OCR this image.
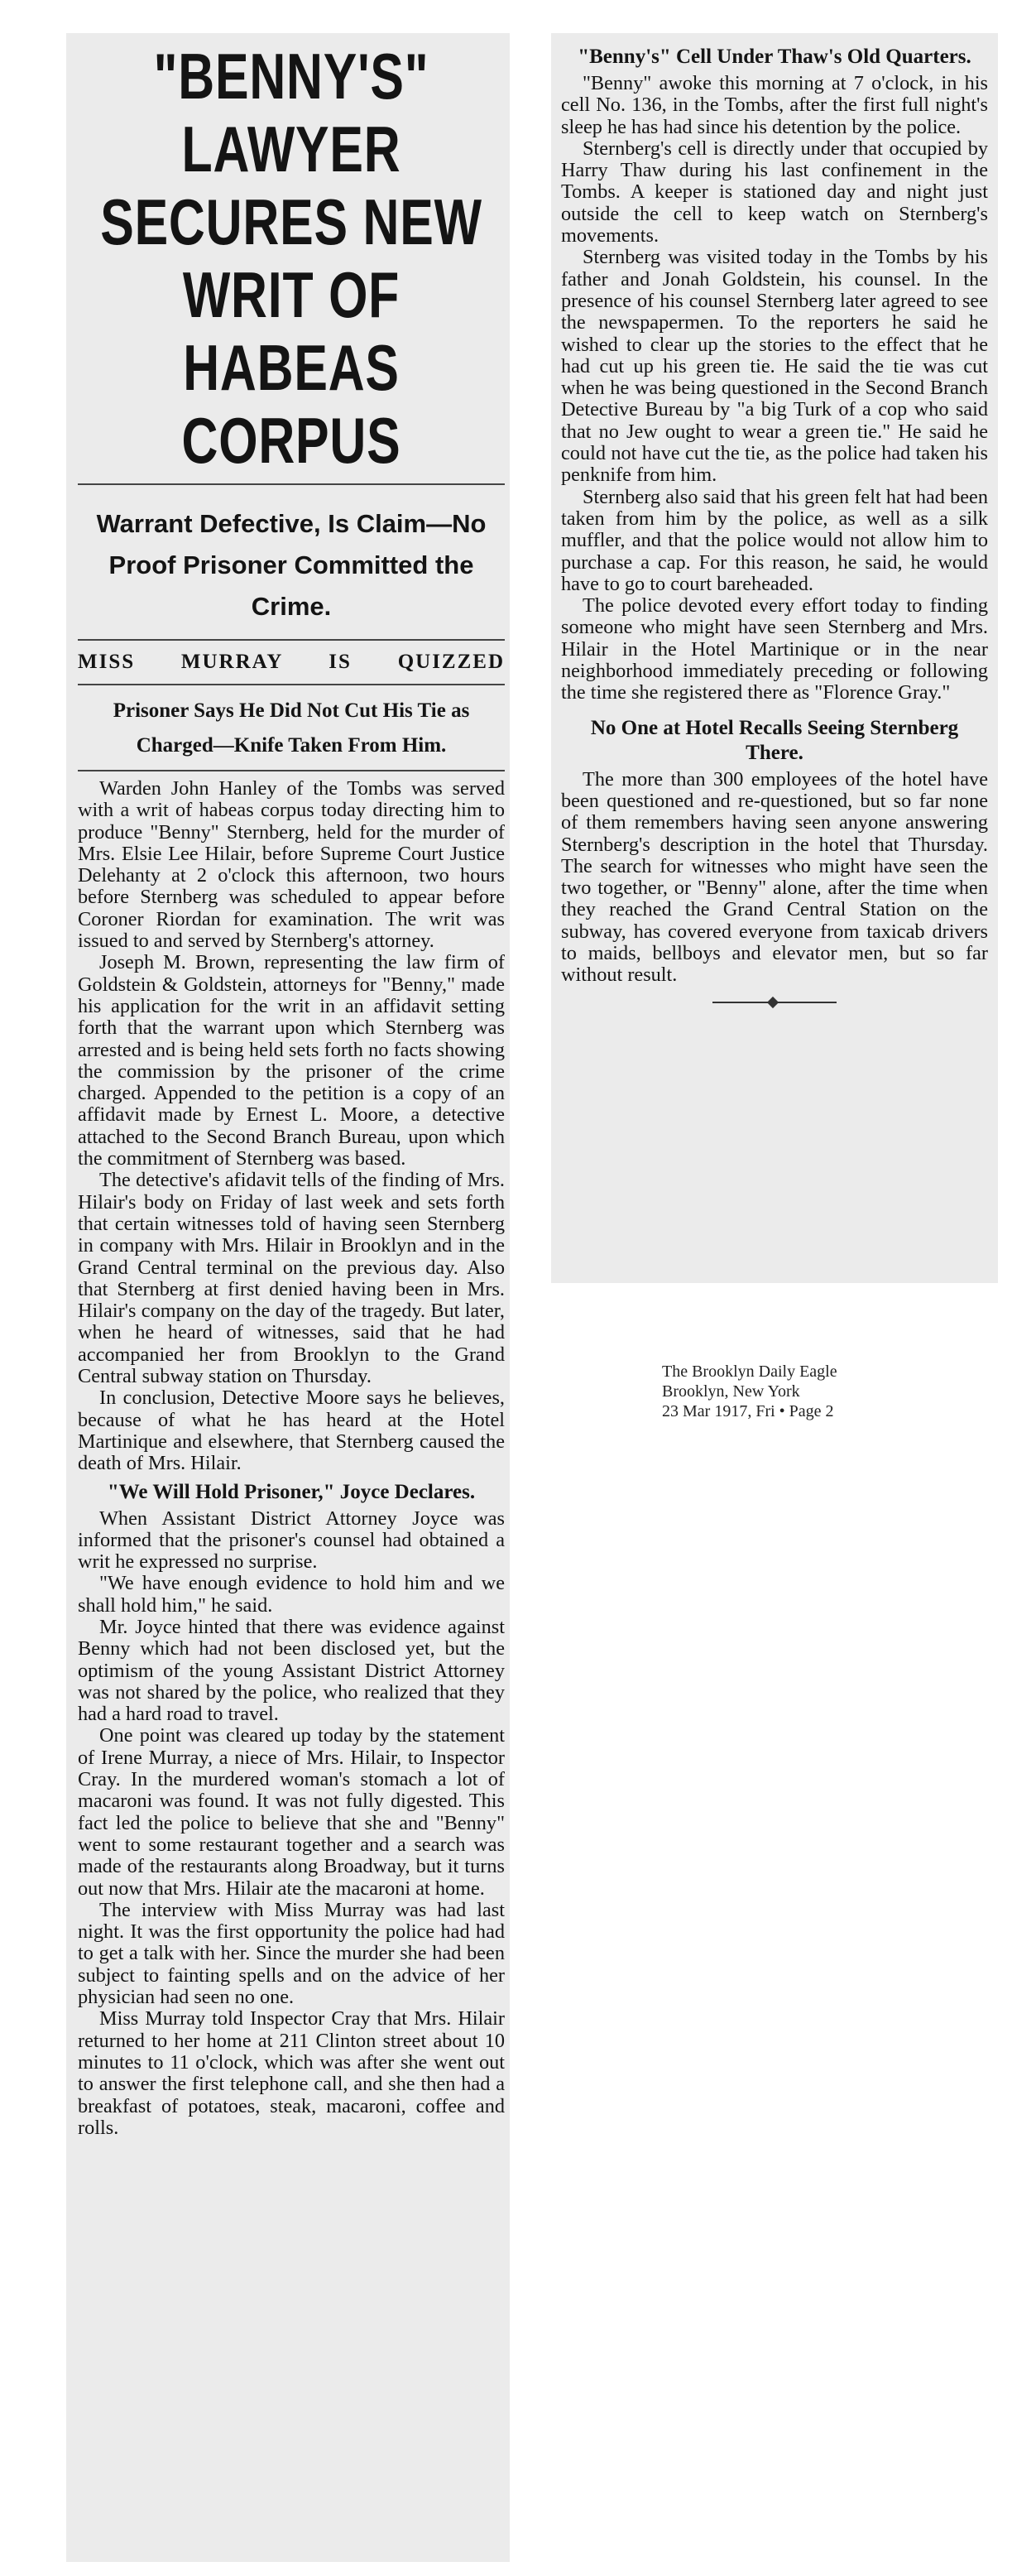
"BENNY'S" LAWYER SECURES NEW WRIT OF HABEAS CORPUS
Warrant Defective, Is Claim—No Proof Prisoner Committed the Crime.
MISS MURRAY IS QUIZZED
Prisoner Says He Did Not Cut His Tie as Charged—Knife Taken From Him.

Warden John Hanley of the Tombs was served with a writ of habeas corpus today directing him to produce "Benny" Sternberg, held for the murder of Mrs. Elsie Lee Hilair, before Supreme Court Justice Delehanty at 2 o'clock this afternoon, two hours before Sternberg was scheduled to appear before Coroner Riordan for examination. The writ was issued to and served by Sternberg's attorney.

Joseph M. Brown, representing the law firm of Goldstein & Goldstein, attorneys for "Benny," made his application for the writ in an affidavit setting forth that the warrant upon which Sternberg was arrested and is being held sets forth no facts showing the commission by the prisoner of the crime charged. Appended to the petition is a copy of an affidavit made by Ernest L. Moore, a detective attached to the Second Branch Bureau, upon which the commitment of Sternberg was based.

The detective's afidavit tells of the finding of Mrs. Hilair's body on Friday of last week and sets forth that certain witnesses told of having seen Sternberg in company with Mrs. Hilair in Brooklyn and in the Grand Central terminal on the previous day. Also that Sternberg at first denied having been in Mrs. Hilair's company on the day of the tragedy. But later, when he heard of witnesses, said that he had accompanied her from Brooklyn to the Grand Central subway station on Thursday.

In conclusion, Detective Moore says he believes, because of what he has heard at the Hotel Martinique and elsewhere, that Sternberg caused the death of Mrs. Hilair.

"We Will Hold Prisoner," Joyce Declares.

When Assistant District Attorney Joyce was informed that the prisoner's counsel had obtained a writ he expressed no surprise.

"We have enough evidence to hold him and we shall hold him," he said.

Mr. Joyce hinted that there was evidence against Benny which had not been disclosed yet, but the optimism of the young Assistant District Attorney was not shared by the police, who realized that they had a hard road to travel.

One point was cleared up today by the statement of Irene Murray, a niece of Mrs. Hilair, to Inspector Cray. In the murdered woman's stomach a lot of macaroni was found. It was not fully digested. This fact led the police to believe that she and "Benny" went to some restaurant together and a search was made of the restaurants along Broadway, but it turns out now that Mrs. Hilair ate the macaroni at home.

The interview with Miss Murray was had last night. It was the first opportunity the police had had to get a talk with her. Since the murder she had been subject to fainting spells and on the advice of her physician had seen no one.

Miss Murray told Inspector Cray that Mrs. Hilair returned to her home at 211 Clinton street about 10 minutes to 11 o'clock, which was after she went out to answer the first telephone call, and she then had a breakfast of potatoes, steak, macaroni, coffee and rolls.

"Benny's" Cell Under Thaw's Old Quarters.

"Benny" awoke this morning at 7 o'clock, in his cell No. 136, in the Tombs, after the first full night's sleep he has had since his detention by the police.

Sternberg's cell is directly under that occupied by Harry Thaw during his last confinement in the Tombs. A keeper is stationed day and night just outside the cell to keep watch on Sternberg's movements.

Sternberg was visited today in the Tombs by his father and Jonah Goldstein, his counsel. In the presence of his counsel Sternberg later agreed to see the newspapermen. To the reporters he said he wished to clear up the stories to the effect that he had cut up his green tie. He said the tie was cut when he was being questioned in the Second Branch Detective Bureau by "a big Turk of a cop who said that no Jew ought to wear a green tie." He said he could not have cut the tie, as the police had taken his penknife from him.

Sternberg also said that his green felt hat had been taken from him by the police, as well as a silk muffler, and that the police would not allow him to purchase a cap. For this reason, he said, he would have to go to court bareheaded.

The police devoted every effort today to finding someone who might have seen Sternberg and Mrs. Hilair in the Hotel Martinique or in the near neighborhood immediately preceding or following the time she registered there as "Florence Gray."

No One at Hotel Recalls Seeing Sternberg There.

The more than 300 employees of the hotel have been questioned and re-questioned, but so far none of them remembers having seen anyone answering Sternberg's description in the hotel that Thursday. The search for witnesses who might have seen the two together, or "Benny" alone, after the time when they reached the Grand Central Station on the subway, has covered everyone from taxicab drivers to maids, bellboys and elevator men, but so far without result.

The Brooklyn Daily Eagle
Brooklyn, New York
23 Mar 1917, Fri • Page 2
